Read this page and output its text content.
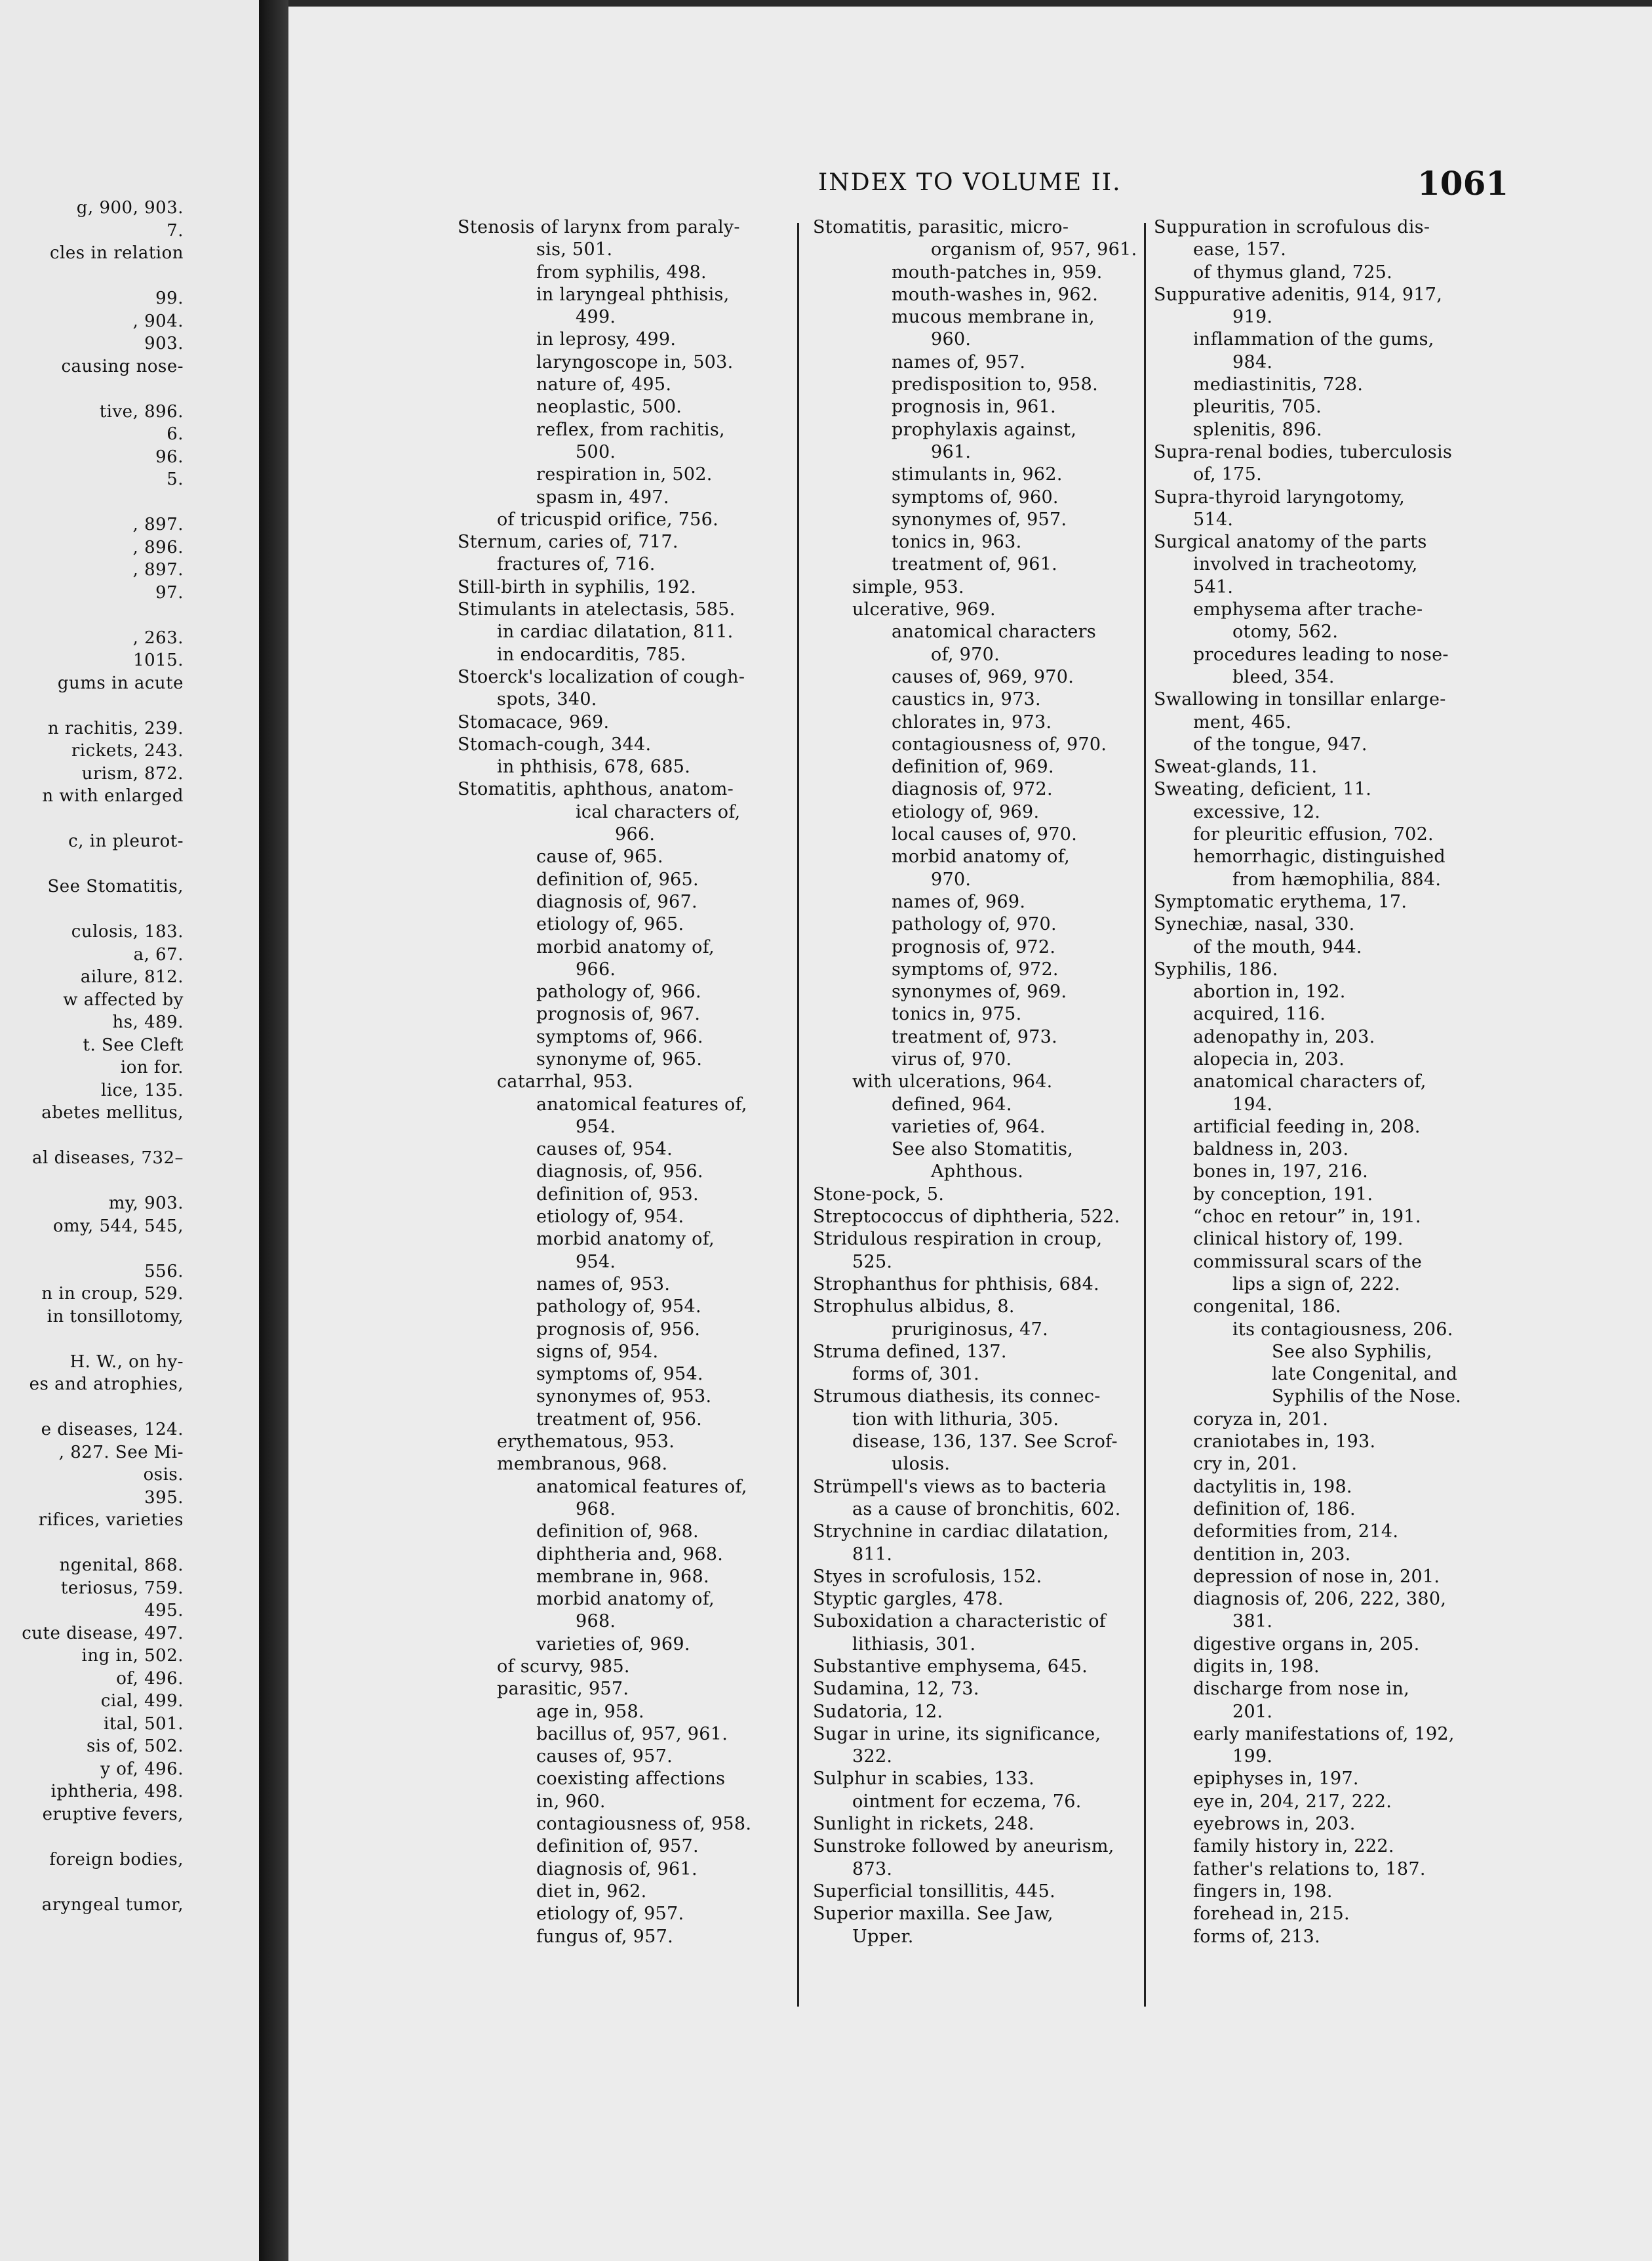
g, 900, 903.
7.
cles in relation
99.
, 904.
903.
causing nose-
tive, 896.
6.
96.
5.
, 897.
, 896.
, 897.
97.
, 263.
1015.
gums in acute
n rachitis, 239.
rickets, 243.
urism, 872.
n with enlarged
c, in pleurot-
See Stomatitis,
culosis, 183.
a, 67.
ailure, 812.
w affected by
hs, 489.
t. See Cleft
ion for.
lice, 135.
abetes mellitus,
al diseases, 732–
my, 903.
omy, 544, 545,
556.
n in croup, 529.
in tonsillotomy,
H. W., on hy-
es and atrophies,
e diseases, 124.
, 827. See Mi-
osis.
395.
rifices, varieties
ngenital, 868.
teriosus, 759.
495.
cute disease, 497.
ing in, 502.
of, 496.
cial, 499.
ital, 501.
sis of, 502.
y of, 496.
iphtheria, 498.
eruptive fevers,
foreign bodies,
aryngeal tumor,
INDEX TO VOLUME II.	1061
Stenosis of larynx from paraly-
sis, 501.
from syphilis, 498.
in laryngeal phthisis,
499.
in leprosy, 499.
laryngoscope in, 503.
nature of, 495.
neoplastic, 500.
reflex, from rachitis,
500.
respiration in, 502.
spasm in, 497.
of tricuspid orifice, 756.
Sternum, caries of, 717.
fractures of, 716.
Still-birth in syphilis, 192.
Stimulants in atelectasis, 585.
in cardiac dilatation, 811.
in endocarditis, 785.
Stoerck's localization of cough-
spots, 340.
Stomacace, 969.
Stomach-cough, 344.
in phthisis, 678, 685.
Stomatitis, aphthous, anatom-
ical characters of,
966.
cause of, 965.
definition of, 965.
diagnosis of, 967.
etiology of, 965.
morbid anatomy of,
966.
pathology of, 966.
prognosis of, 967.
symptoms of, 966.
synonyme of, 965.
catarrhal, 953.
anatomical features of,
954.
causes of, 954.
diagnosis, of, 956.
definition of, 953.
etiology of, 954.
morbid anatomy of,
954.
names of, 953.
pathology of, 954.
prognosis of, 956.
signs of, 954.
symptoms of, 954.
synonymes of, 953.
treatment of, 956.
erythematous, 953.
membranous, 968.
anatomical features of,
968.
definition of, 968.
diphtheria and, 968.
membrane in, 968.
morbid anatomy of,
968.
varieties of, 969.
of scurvy, 985.
parasitic, 957.
age in, 958.
bacillus of, 957, 961.
causes of, 957.
coexisting affections
in, 960.
contagiousness of, 958.
definition of, 957.
diagnosis of, 961.
diet in, 962.
etiology of, 957.
fungus of, 957.
Stomatitis, parasitic, micro-
organism of, 957, 961.
mouth-patches in, 959.
mouth-washes in, 962.
mucous membrane in,
960.
names of, 957.
predisposition to, 958.
prognosis in, 961.
prophylaxis against,
961.
stimulants in, 962.
symptoms of, 960.
synonymes of, 957.
tonics in, 963.
treatment of, 961.
simple, 953.
ulcerative, 969.
anatomical characters
of, 970.
causes of, 969, 970.
caustics in, 973.
chlorates in, 973.
contagiousness of, 970.
definition of, 969.
diagnosis of, 972.
etiology of, 969.
local causes of, 970.
morbid anatomy of,
970.
names of, 969.
pathology of, 970.
prognosis of, 972.
symptoms of, 972.
synonymes of, 969.
tonics in, 975.
treatment of, 973.
virus of, 970.
with ulcerations, 964.
defined, 964.
varieties of, 964.
See also Stomatitis,
Aphthous.
Stone-pock, 5.
Streptococcus of diphtheria, 522.
Stridulous respiration in croup,
525.
Strophanthus for phthisis, 684.
Strophulus albidus, 8.
pruriginosus, 47.
Struma defined, 137.
forms of, 301.
Strumous diathesis, its connec-
tion with lithuria, 305.
disease, 136, 137. See Scrof-
ulosis.
Strümpell's views as to bacteria
as a cause of bronchitis, 602.
Strychnine in cardiac dilatation,
811.
Styes in scrofulosis, 152.
Styptic gargles, 478.
Suboxidation a characteristic of
lithiasis, 301.
Substantive emphysema, 645.
Sudamina, 12, 73.
Sudatoria, 12.
Sugar in urine, its significance,
322.
Sulphur in scabies, 133.
ointment for eczema, 76.
Sunlight in rickets, 248.
Sunstroke followed by aneurism,
873.
Superficial tonsillitis, 445.
Superior maxilla. See Jaw,
Upper.
Suppuration in scrofulous dis-
ease, 157.
of thymus gland, 725.
Suppurative adenitis, 914, 917,
919.
inflammation of the gums,
984.
mediastinitis, 728.
pleuritis, 705.
splenitis, 896.
Supra-renal bodies, tuberculosis
of, 175.
Supra-thyroid laryngotomy,
514.
Surgical anatomy of the parts
involved in tracheotomy,
541.
emphysema after trache-
otomy, 562.
procedures leading to nose-
bleed, 354.
Swallowing in tonsillar enlarge-
ment, 465.
of the tongue, 947.
Sweat-glands, 11.
Sweating, deficient, 11.
excessive, 12.
for pleuritic effusion, 702.
hemorrhagic, distinguished
from hæmophilia, 884.
Symptomatic erythema, 17.
Synechiæ, nasal, 330.
of the mouth, 944.
Syphilis, 186.
abortion in, 192.
acquired, 116.
adenopathy in, 203.
alopecia in, 203.
anatomical characters of,
194.
artificial feeding in, 208.
baldness in, 203.
bones in, 197, 216.
by conception, 191.
“choc en retour” in, 191.
clinical history of, 199.
commissural scars of the
lips a sign of, 222.
congenital, 186.
its contagiousness, 206.
See also Syphilis,
late Congenital, and
Syphilis of the Nose.
coryza in, 201.
craniotabes in, 193.
cry in, 201.
dactylitis in, 198.
definition of, 186.
deformities from, 214.
dentition in, 203.
depression of nose in, 201.
diagnosis of, 206, 222, 380,
381.
digestive organs in, 205.
digits in, 198.
discharge from nose in,
201.
early manifestations of, 192,
199.
epiphyses in, 197.
eye in, 204, 217, 222.
eyebrows in, 203.
family history in, 222.
father's relations to, 187.
fingers in, 198.
forehead in, 215.
forms of, 213.
